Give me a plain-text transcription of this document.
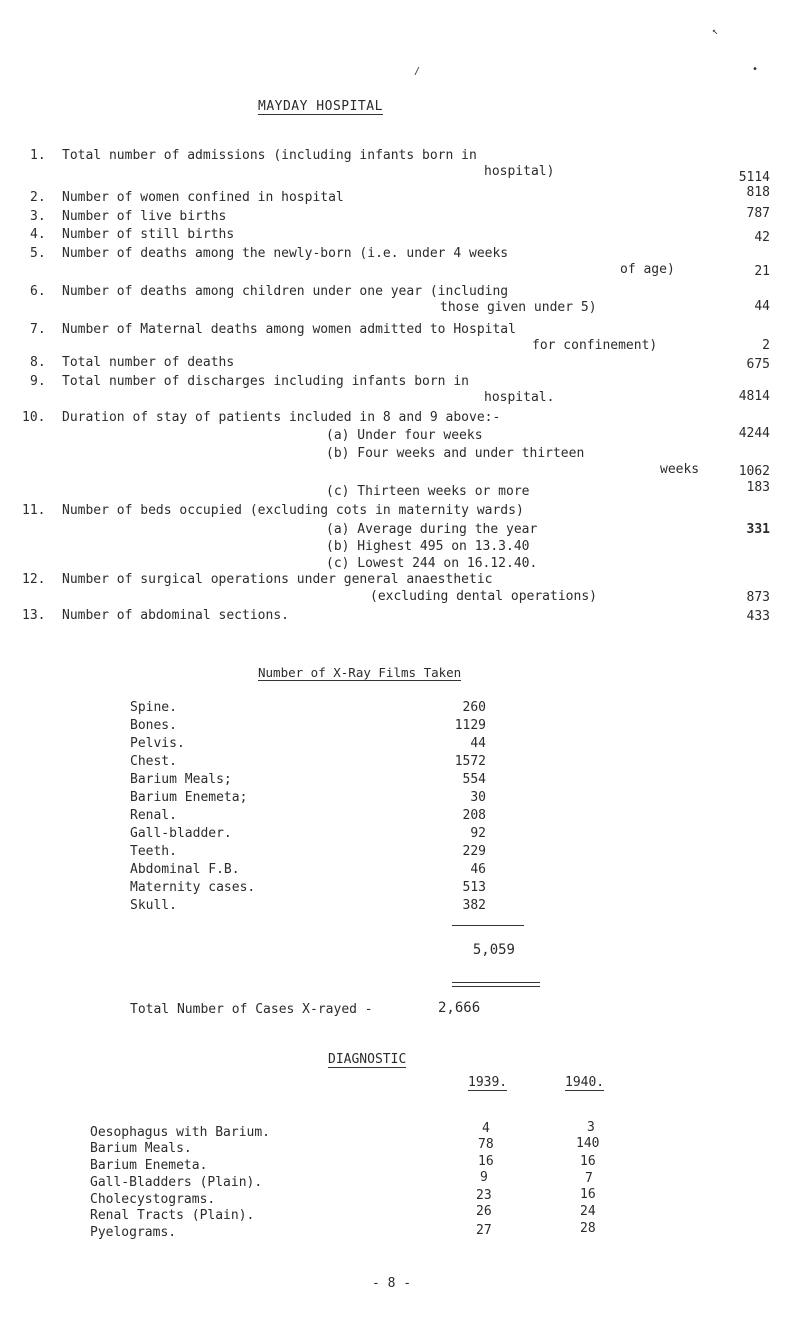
↖
•
/
MAYDAY HOSPITAL
1. Total number of admissions (including infants born in
hospital)	5114
2. Number of women confined in hospital	818
3. Number of live births	787
4. Number of still births	42
5. Number of deaths among the newly-born (i.e. under 4 weeks
of age)	21
6. Number of deaths among children under one year (including
those given under 5)	44
7. Number of Maternal deaths among women admitted to Hospital
for confinement)	2
8. Total number of deaths	675
9. Total number of discharges including infants born in
hospital.	4814
10. Duration of stay of patients included in 8 and 9 above:-
(a) Under four weeks	4244
(b) Four weeks and under thirteen
weeks	1062
(c) Thirteen weeks or more	183
11. Number of beds occupied (excluding cots in maternity wards)
(a) Average during the year	331
(b) Highest 495 on 13.3.40
(c) Lowest 244 on 16.12.40.
12. Number of surgical operations under general anaesthetic
(excluding dental operations)	873
13. Number of abdominal sections.	433
Number of X-Ray Films Taken
Spine.	260
Bones.	1129
Pelvis.	44
Chest.	1572
Barium Meals;	554
Barium Enemeta;	30
Renal.	208
Gall-bladder.	92
Teeth.	229
Abdominal F.B.	46
Maternity cases.	513
Skull.	382
5,059
Total Number of Cases X-rayed -	2,666
DIAGNOSTIC
1939.	1940.
Oesophagus with Barium.	4	3
Barium Meals.	78	140
Barium Enemeta.	16	16
Gall-Bladders (Plain).	9	7
Cholecystograms.	23	16
Renal Tracts (Plain).	26	24
Pyelograms.	27	28
- 8 -
